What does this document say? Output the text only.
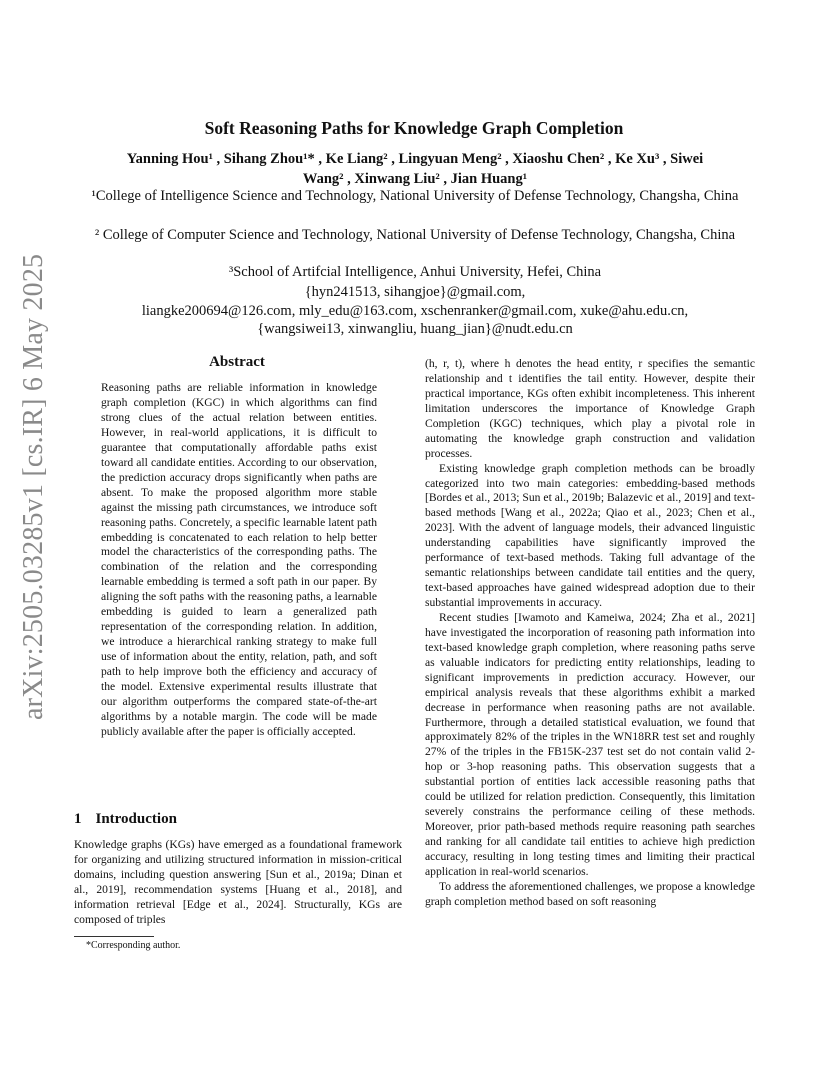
arXiv:2505.03285v1 [cs.IR] 6 May 2025
Soft Reasoning Paths for Knowledge Graph Completion
Yanning Hou¹ , Sihang Zhou¹* , Ke Liang² , Lingyuan Meng² , Xiaoshu Chen² , Ke Xu³ , Siwei
Wang² , Xinwang Liu² , Jian Huang¹
¹College of Intelligence Science and Technology, National University of Defense Technology, Changsha, China
² College of Computer Science and Technology, National University of Defense Technology, Changsha, China
³School of Artifcial Intelligence, Anhui University, Hefei, China
{hyn241513, sihangjoe}@gmail.com,
liangke200694@126.com, mly_edu@163.com, xschenranker@gmail.com, xuke@ahu.edu.cn,
{wangsiwei13, xinwangliu, huang_jian}@nudt.edu.cn
Abstract
Reasoning paths are reliable information in knowledge graph completion (KGC) in which algorithms can find strong clues of the actual relation between entities. However, in real-world applications, it is difficult to guarantee that computationally affordable paths exist toward all candidate entities. According to our observation, the prediction accuracy drops significantly when paths are absent. To make the proposed algorithm more stable against the missing path circumstances, we introduce soft reasoning paths. Concretely, a specific learnable latent path embedding is concatenated to each relation to help better model the characteristics of the corresponding paths. The combination of the relation and the corresponding learnable embedding is termed a soft path in our paper. By aligning the soft paths with the reasoning paths, a learnable embedding is guided to learn a generalized path representation of the corresponding relation. In addition, we introduce a hierarchical ranking strategy to make full use of information about the entity, relation, path, and soft path to help improve both the efficiency and accuracy of the model. Extensive experimental results illustrate that our algorithm outperforms the compared state-of-the-art algorithms by a notable margin. The code will be made publicly available after the paper is officially accepted.
1 Introduction

Knowledge graphs (KGs) have emerged as a foundational framework for organizing and utilizing structured information in mission-critical domains, including question answering [Sun et al., 2019a; Dinan et al., 2019], recommendation systems [Huang et al., 2018], and information retrieval [Edge et al., 2024]. Structurally, KGs are composed of triples

*Corresponding author.

(h, r, t), where h denotes the head entity, r specifies the semantic relationship and t identifies the tail entity. However, despite their practical importance, KGs often exhibit incompleteness. This inherent limitation underscores the importance of Knowledge Graph Completion (KGC) techniques, which play a pivotal role in automating the knowledge graph construction and validation processes.

Existing knowledge graph completion methods can be broadly categorized into two main categories: embedding-based methods [Bordes et al., 2013; Sun et al., 2019b; Balazevic et al., 2019] and text-based methods [Wang et al., 2022a; Qiao et al., 2023; Chen et al., 2023]. With the advent of language models, their advanced linguistic understanding capabilities have significantly improved the performance of text-based methods. Taking full advantage of the semantic relationships between candidate tail entities and the query, text-based approaches have gained widespread adoption due to their substantial improvements in accuracy.

Recent studies [Iwamoto and Kameiwa, 2024; Zha et al., 2021] have investigated the incorporation of reasoning path information into text-based knowledge graph completion, where reasoning paths serve as valuable indicators for predicting entity relationships, leading to significant improvements in prediction accuracy. However, our empirical analysis reveals that these algorithms exhibit a marked decrease in performance when reasoning paths are not available. Furthermore, through a detailed statistical evaluation, we found that approximately 82% of the triples in the WN18RR test set and roughly 27% of the triples in the FB15K-237 test set do not contain valid 2-hop or 3-hop reasoning paths. This observation suggests that a substantial portion of entities lack accessible reasoning paths that could be utilized for relation prediction. Consequently, this limitation severely constrains the performance ceiling of these methods. Moreover, prior path-based methods require reasoning path searches and ranking for all candidate tail entities to achieve high prediction accuracy, resulting in long testing times and limiting their practical application in real-world scenarios.

To address the aforementioned challenges, we propose a knowledge graph completion method based on soft reasoning
